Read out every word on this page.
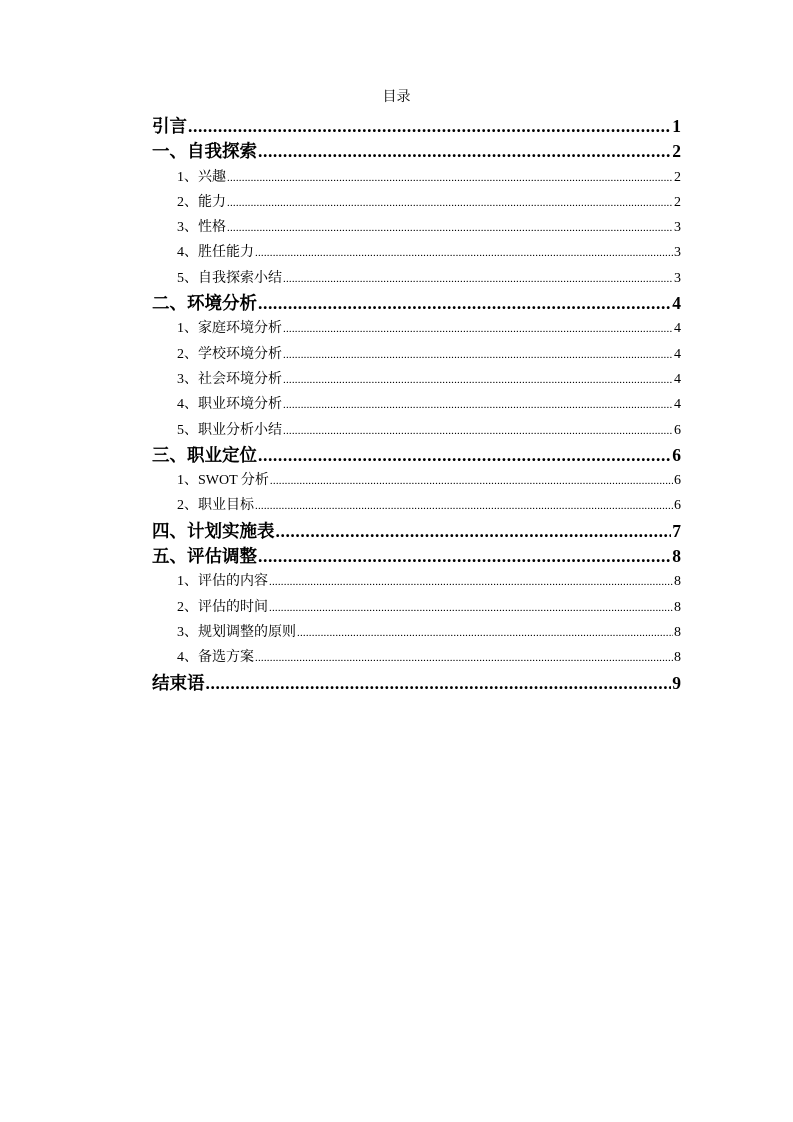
目录
引言 .....	1
一、自我探索 .....	2
1、兴趣 .....	2
2、能力 .....	2
3、性格 .....	3
4、胜任能力 .....	3
5、自我探索小结 .....	3
二、环境分析 .....	4
1、家庭环境分析 .....	4
2、学校环境分析 .....	4
3、社会环境分析 .....	4
4、职业环境分析 .....	4
5、职业分析小结 .....	6
三、职业定位 .....	6
1、SWOT 分析 .....	6
2、职业目标 .....	6
四、计划实施表 .....	7
五、评估调整 .....	8
1、评估的内容 .....	8
2、评估的时间 .....	8
3、规划调整的原则 .....	8
4、备选方案 .....	8
结束语 .....	9
